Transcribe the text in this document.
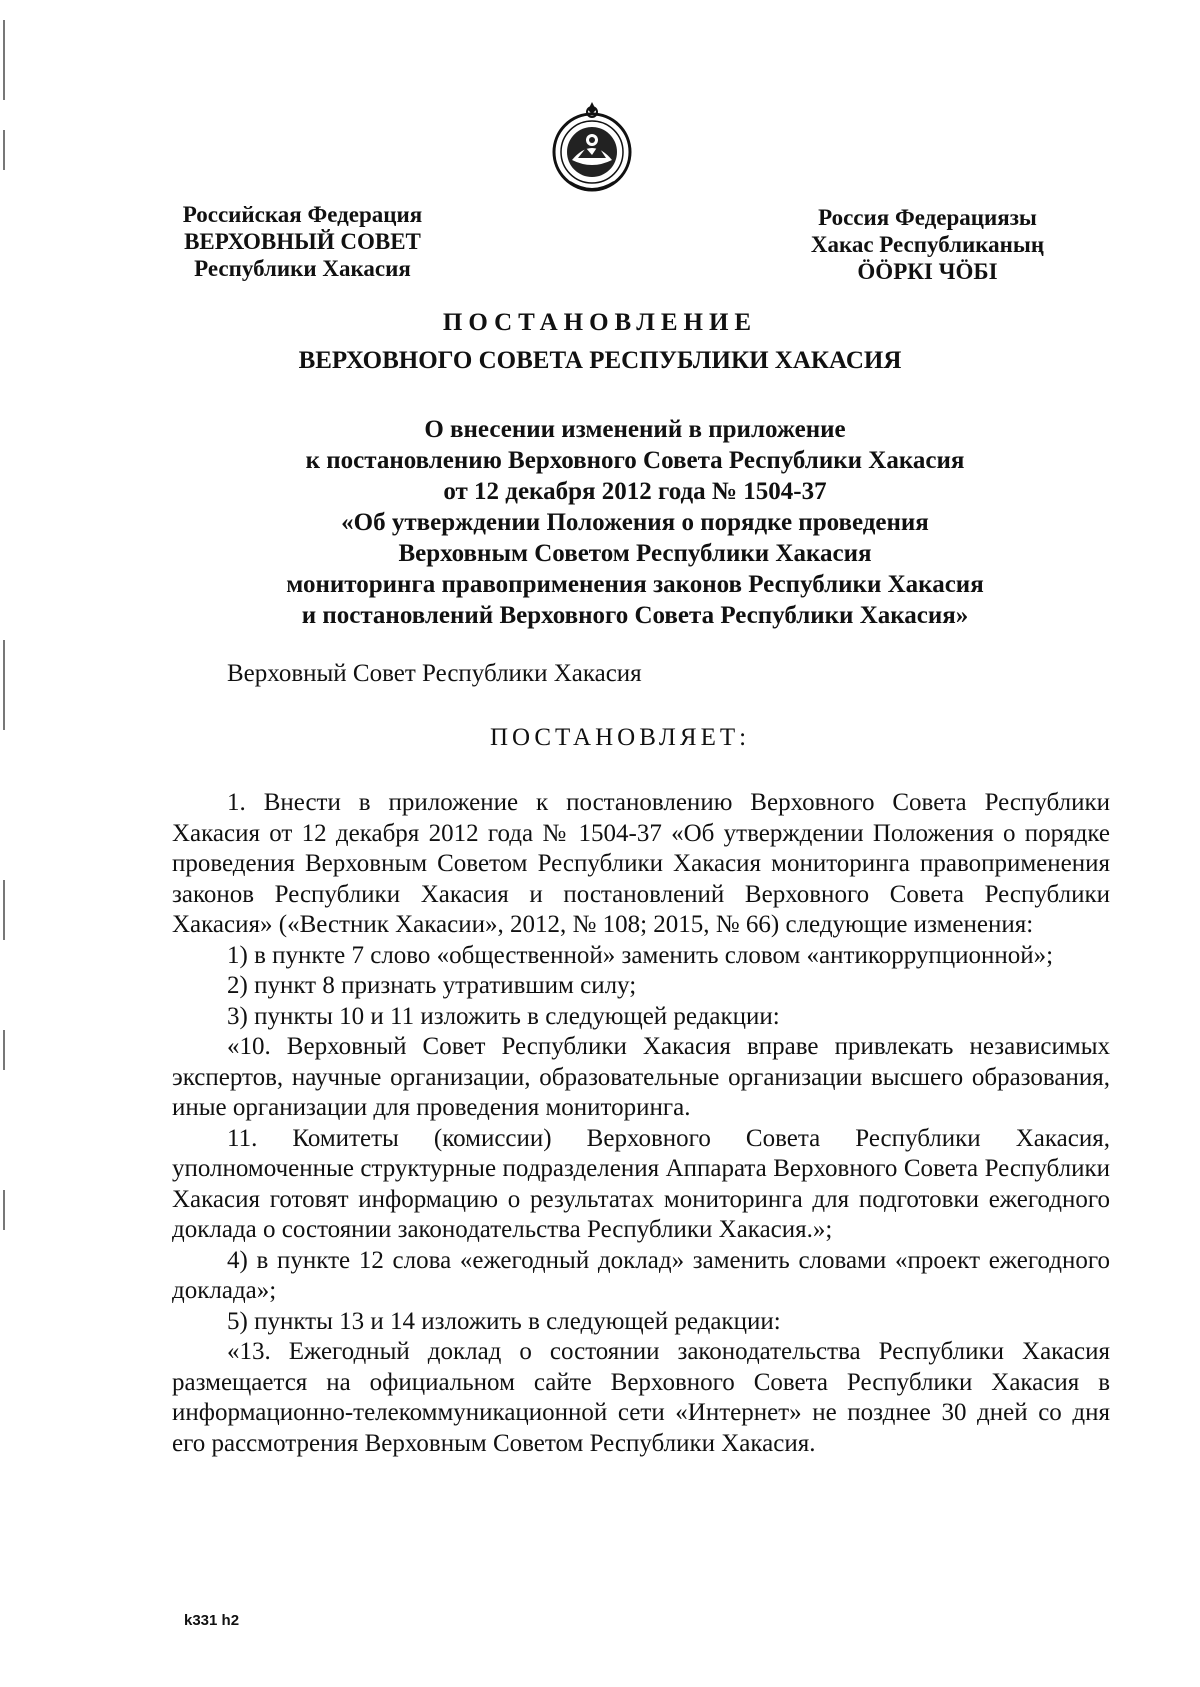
Российская Федерация
ВЕРХОВНЫЙ СОВЕТ
Республики Хакасия
Россия Федерациязы
Хакас Республиканың
ӦӦРКІ ЧӦБІ
ПОСТАНОВЛЕНИЕ
ВЕРХОВНОГО СОВЕТА РЕСПУБЛИКИ ХАКАСИЯ
О внесении изменений в приложение
к постановлению Верховного Совета Республики Хакасия
от 12 декабря 2012 года № 1504-37
«Об утверждении Положения о порядке проведения
Верховным Советом Республики Хакасия
мониторинга правоприменения законов Республики Хакасия
и постановлений Верховного Совета Республики Хакасия»
Верховный Совет Республики Хакасия
ПОСТАНОВЛЯЕТ:

1. Внести в приложение к постановлению Верховного Совета Республики Хакасия от 12 декабря 2012 года № 1504-37 «Об утверждении Положения о порядке проведения Верховным Советом Республики Хакасия мониторинга правоприменения законов Республики Хакасия и постановлений Верховного Совета Республики Хакасия» («Вестник Хакасии», 2012, № 108; 2015, № 66) следующие изменения:

1) в пункте 7 слово «общественной» заменить словом «антикоррупционной»;

2) пункт 8 признать утратившим силу;

3) пункты 10 и 11 изложить в следующей редакции:

«10. Верховный Совет Республики Хакасия вправе привлекать независимых экспертов, научные организации, образовательные организации высшего образования, иные организации для проведения мониторинга.

11. Комитеты (комиссии) Верховного Совета Республики Хакасия, уполномоченные структурные подразделения Аппарата Верховного Совета Республики Хакасия готовят информацию о результатах мониторинга для подготовки ежегодного доклада о состоянии законодательства Республики Хакасия.»;

4) в пункте 12 слова «ежегодный доклад» заменить словами «проект ежегодного доклада»;

5) пункты 13 и 14 изложить в следующей редакции:

«13. Ежегодный доклад о состоянии законодательства Республики Хакасия размещается на официальном сайте Верховного Совета Республики Хакасия в информационно-телекоммуникационной сети «Интернет» не позднее 30 дней со дня его рассмотрения Верховным Советом Республики Хакасия.

k331 h2
